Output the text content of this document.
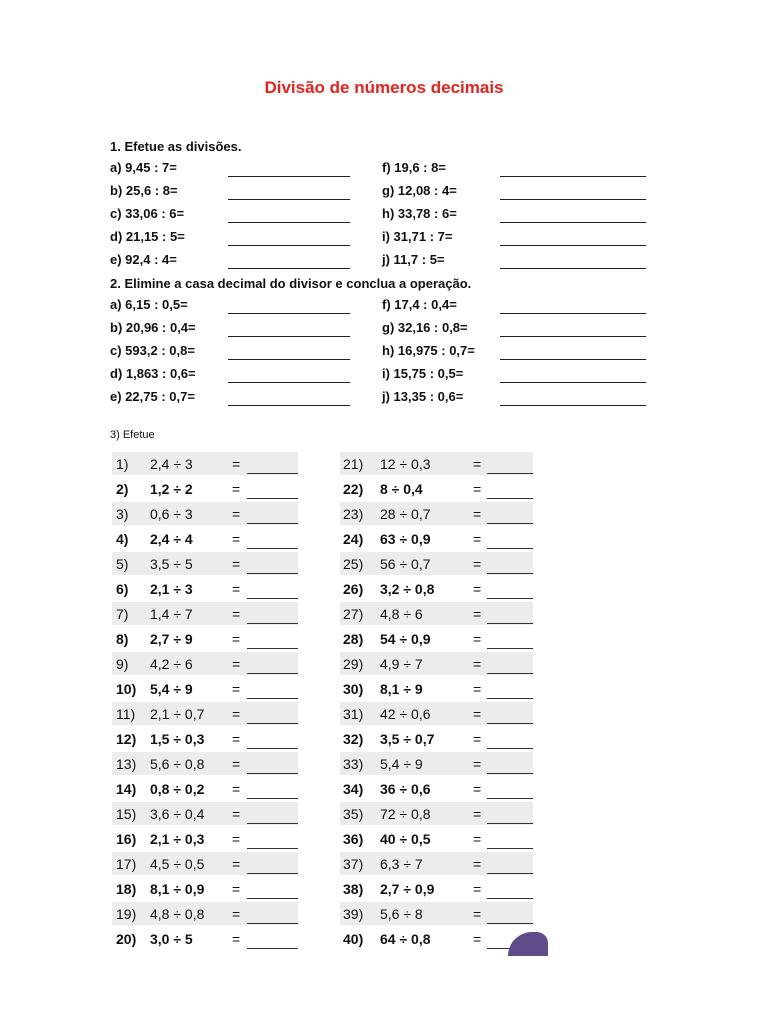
Divisão de números decimais
1. Efetue as divisões.
a) 9,45 : 7=	f) 19,6 : 8=
b) 25,6 : 8=	g) 12,08 : 4=
c) 33,06 : 6=	h) 33,78 : 6=
d) 21,15 : 5=	i) 31,71 : 7=
e) 92,4 : 4=	j) 11,7 : 5=
2. Elimine a casa decimal do divisor e conclua a operação.
a) 6,15 : 0,5=	f) 17,4 : 0,4=
b) 20,96 : 0,4=	g) 32,16 : 0,8=
c) 593,2 : 0,8=	h) 16,975 : 0,7=
d) 1,863 : 0,6=	i) 15,75 : 0,5=
e) 22,75 : 0,7=	j) 13,35 : 0,6=
3) Efetue
1) 2,4 ÷ 3	=
2) 1,2 ÷ 2	=
3) 0,6 ÷ 3	=
4) 2,4 ÷ 4	=
5) 3,5 ÷ 5	=
6) 2,1 ÷ 3	=
7) 1,4 ÷ 7	=
8) 2,7 ÷ 9	=
9) 4,2 ÷ 6	=
10) 5,4 ÷ 9	=
11) 2,1 ÷ 0,7 =
12) 1,5 ÷ 0,3 =
13) 5,6 ÷ 0,8 =
14) 0,8 ÷ 0,2 =
15) 3,6 ÷ 0,4 =
16) 2,1 ÷ 0,3 =
17) 4,5 ÷ 0,5 =
18) 8,1 ÷ 0,9 =
19) 4,8 ÷ 0,8 =
20) 3,0 ÷ 5	=
21) 12 ÷ 0,3	=
22) 8 ÷ 0,4	=
23) 28 ÷ 0,7	=
24) 63 ÷ 0,9	=
25) 56 ÷ 0,7	=
26) 3,2 ÷ 0,8	=
27) 4,8 ÷ 6	=
28) 54 ÷ 0,9	=
29) 4,9 ÷ 7	=
30) 8,1 ÷ 9	=
31) 42 ÷ 0,6	=
32) 3,5 ÷ 0,7	=
33) 5,4 ÷ 9	=
34) 36 ÷ 0,6	=
35) 72 ÷ 0,8	=
36) 40 ÷ 0,5	=
37) 6,3 ÷ 7	=
38) 2,7 ÷ 0,9	=
39) 5,6 ÷ 8	=
40) 64 ÷ 0,8	=
